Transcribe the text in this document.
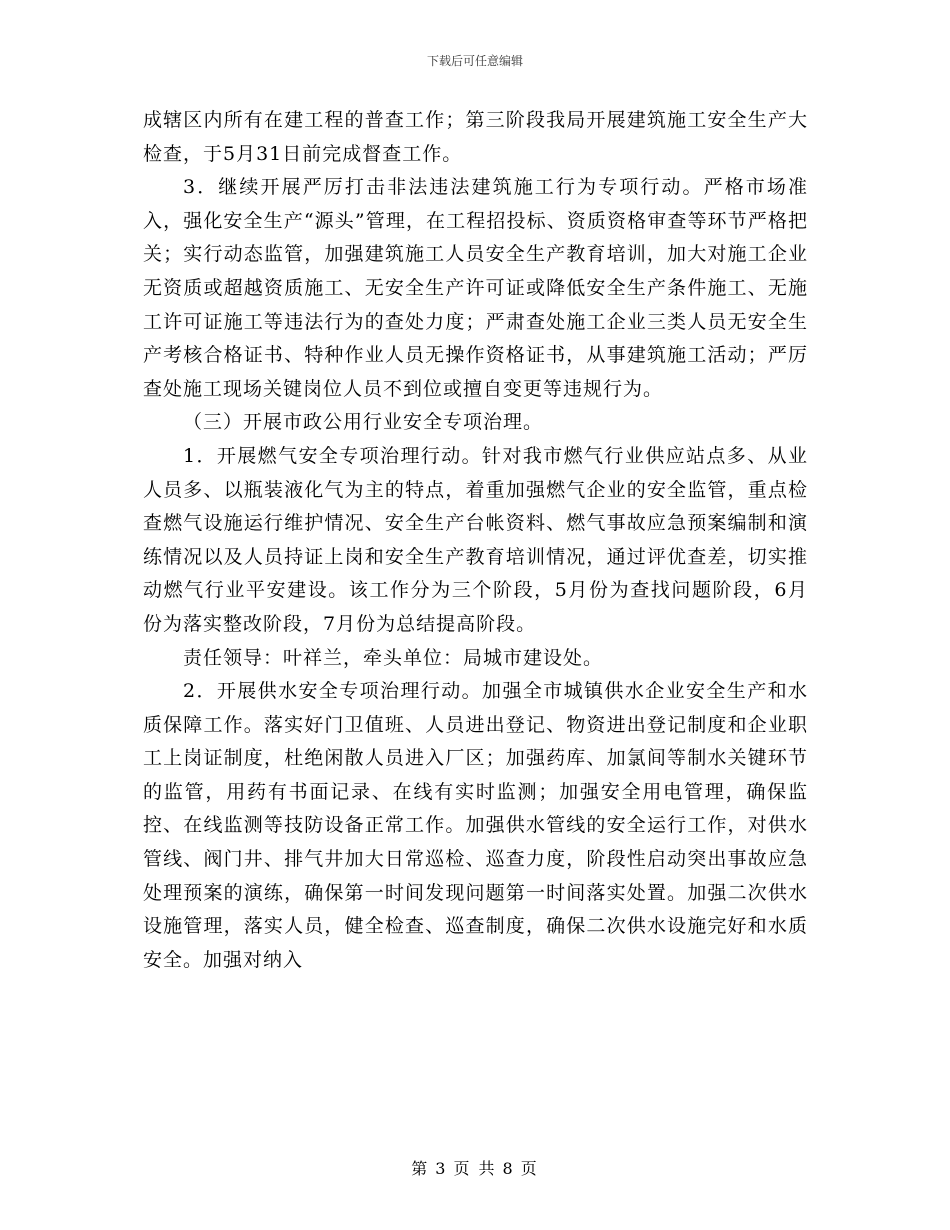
下载后可任意编辑

成辖区内所有在建工程的普查工作；第三阶段我局开展建筑施工安全生产大检查，于5月31日前完成督查工作。

3．继续开展严厉打击非法违法建筑施工行为专项行动。严格市场准入，强化安全生产“源头”管理，在工程招投标、资质资格审查等环节严格把关；实行动态监管，加强建筑施工人员安全生产教育培训，加大对施工企业无资质或超越资质施工、无安全生产许可证或降低安全生产条件施工、无施工许可证施工等违法行为的查处力度；严肃查处施工企业三类人员无安全生产考核合格证书、特种作业人员无操作资格证书，从事建筑施工活动；严厉查处施工现场关键岗位人员不到位或擅自变更等违规行为。

（三）开展市政公用行业安全专项治理。

1．开展燃气安全专项治理行动。针对我市燃气行业供应站点多、从业人员多、以瓶装液化气为主的特点，着重加强燃气企业的安全监管，重点检查燃气设施运行维护情况、安全生产台帐资料、燃气事故应急预案编制和演练情况以及人员持证上岗和安全生产教育培训情况，通过评优查差，切实推动燃气行业平安建设。该工作分为三个阶段，5月份为查找问题阶段，6月份为落实整改阶段，7月份为总结提高阶段。

责任领导：叶祥兰，牵头单位：局城市建设处。

2．开展供水安全专项治理行动。加强全市城镇供水企业安全生产和水质保障工作。落实好门卫值班、人员进出登记、物资进出登记制度和企业职工上岗证制度，杜绝闲散人员进入厂区；加强药库、加氯间等制水关键环节的监管，用药有书面记录、在线有实时监测；加强安全用电管理，确保监控、在线监测等技防设备正常工作。加强供水管线的安全运行工作，对供水管线、阀门井、排气井加大日常巡检、巡查力度，阶段性启动突出事故应急处理预案的演练，确保第一时间发现问题第一时间落实处置。加强二次供水设施管理，落实人员，健全检查、巡查制度，确保二次供水设施完好和水质安全。加强对纳入

第 3 页 共 8 页
